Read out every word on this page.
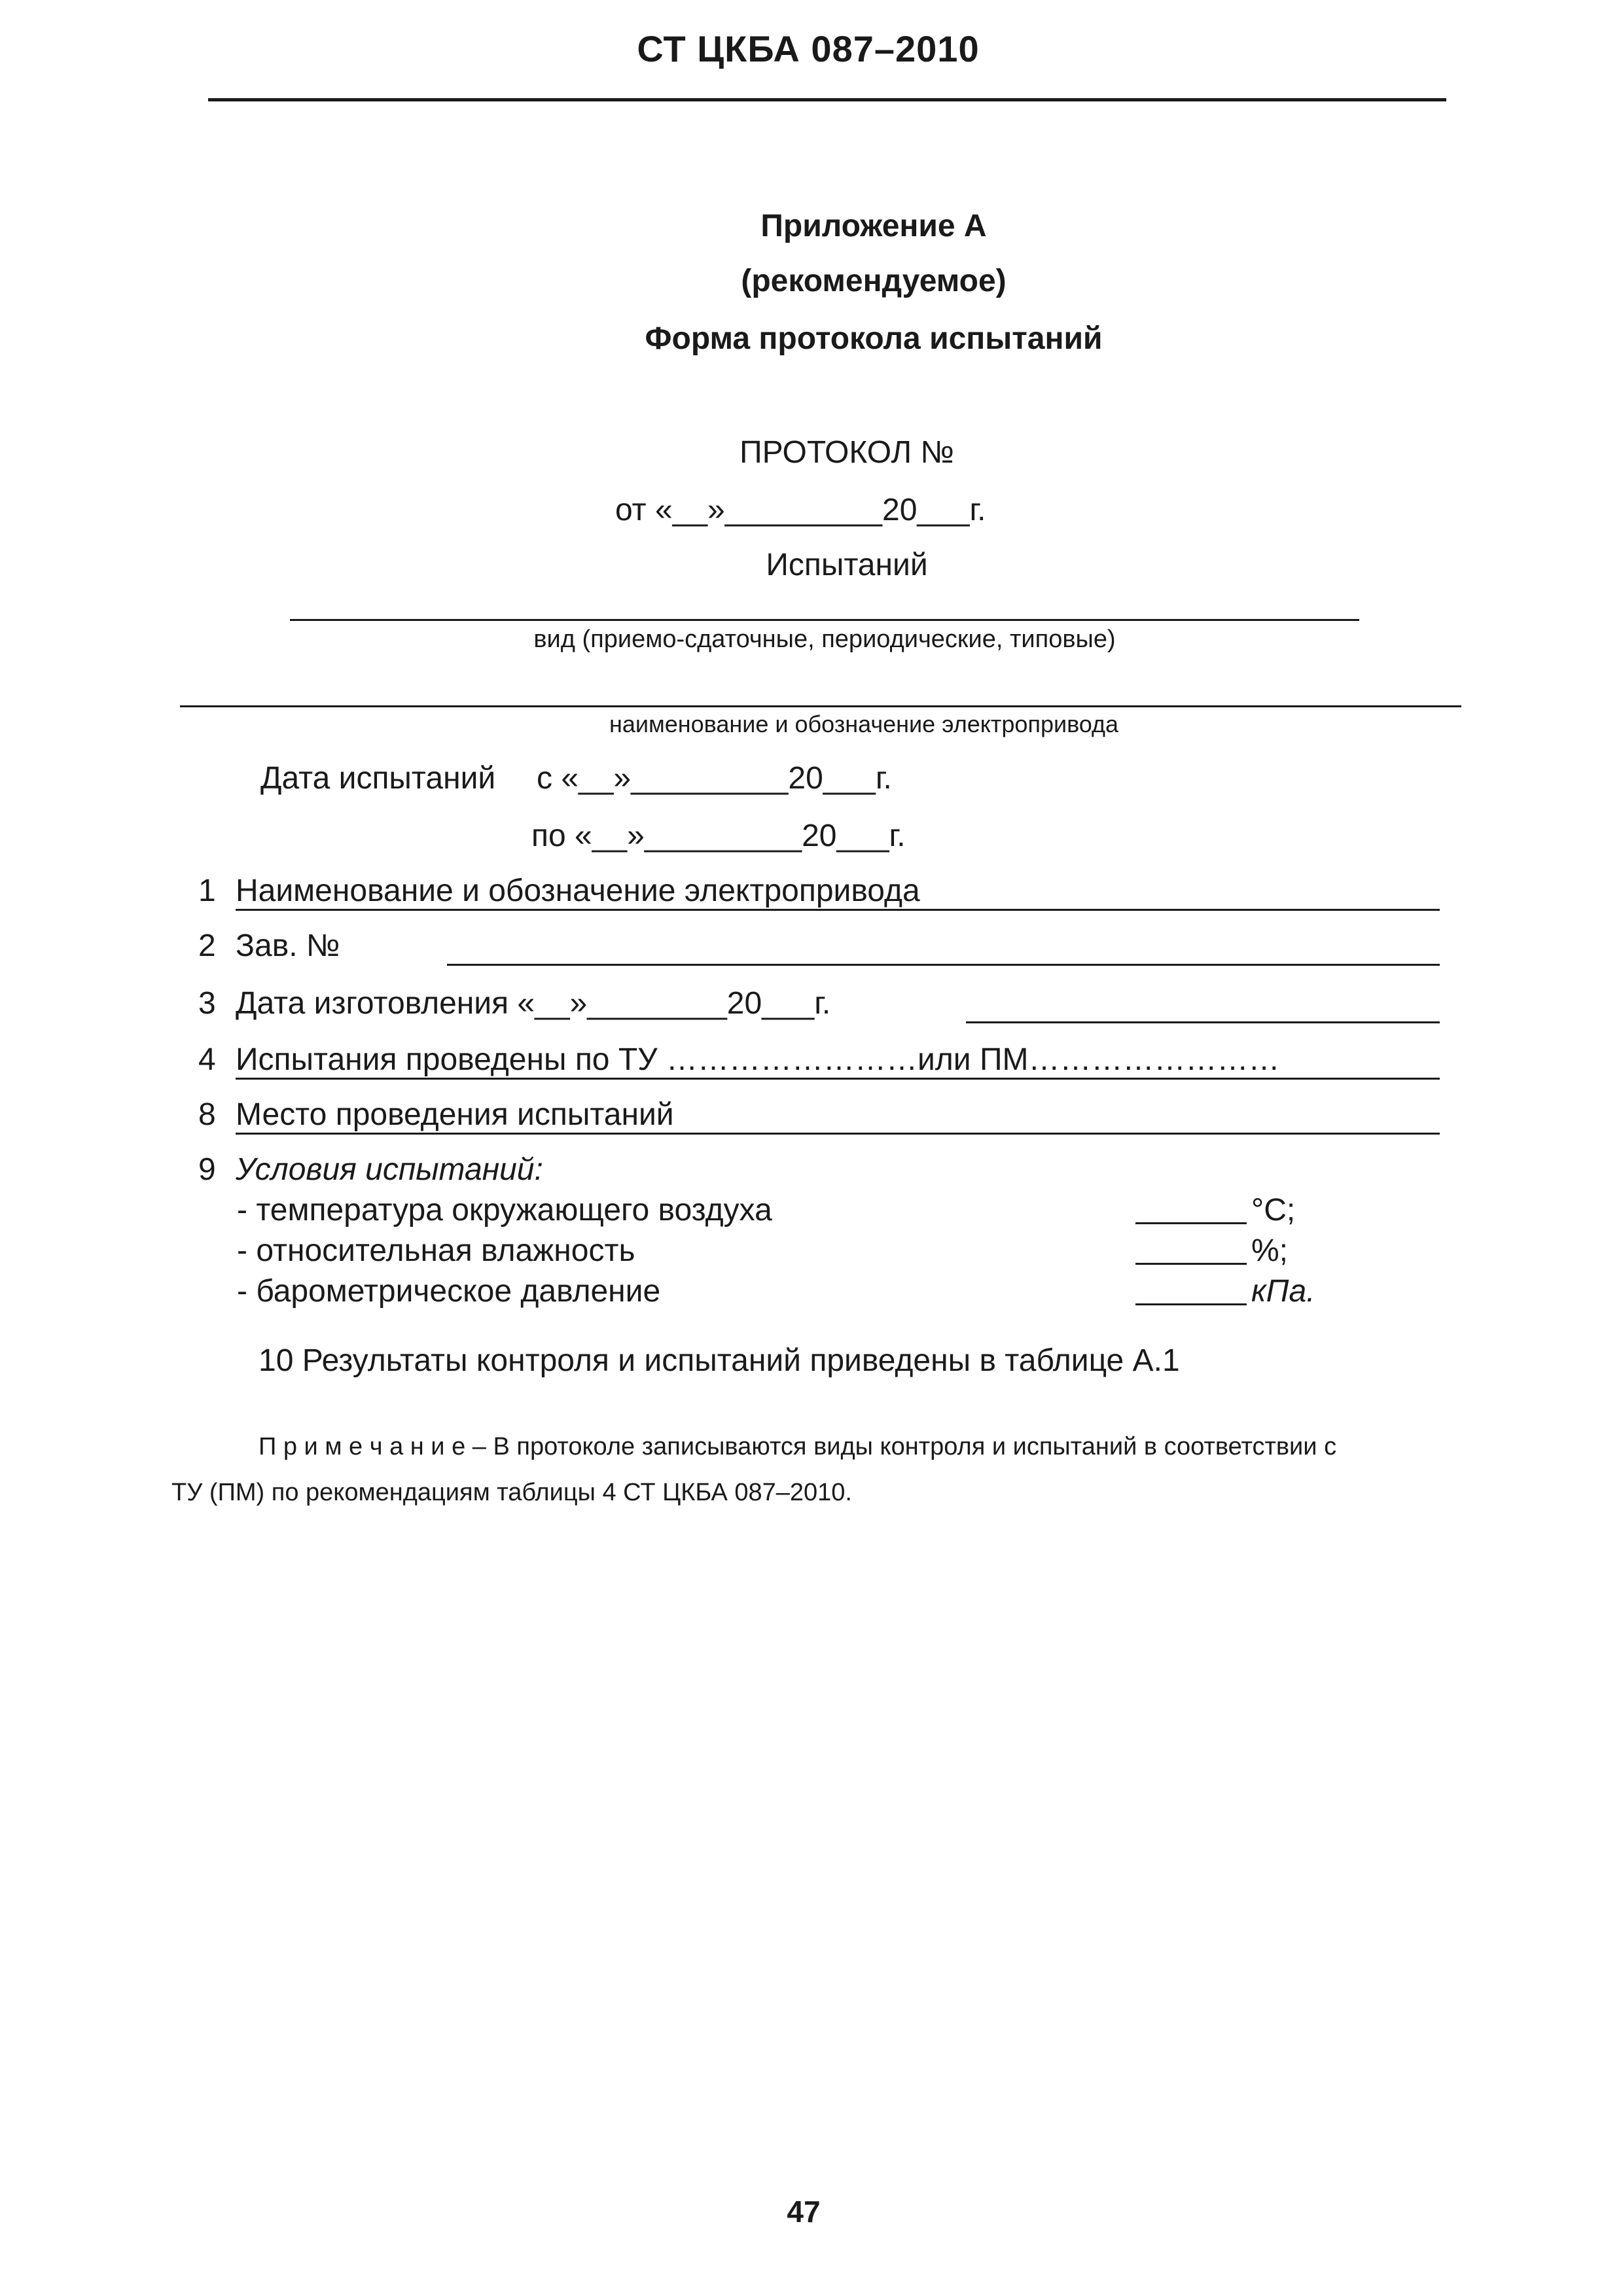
СТ ЦКБА 087–2010
Приложение А
(рекомендуемое)
Форма протокола испытаний
ПРОТОКОЛ №
от «__»_________20___г.
Испытаний
вид (приемо-сдаточные, периодические, типовые)
наименование и обозначение электропривода
Дата испытаний с «__»_________20___г.
по «__»_________20___г.
1 Наименование и обозначение электропривода
2 Зав. №
3 Дата изготовления «__»________20___г.
4 Испытания проведены по ТУ ……………………или ПМ……………………
8 Место проведения испытаний
9 Условия испытаний:
- температура окружающего воздуха	°C;
- относительная влажность	%;
- барометрическое давление	кПа.
10 Результаты контроля и испытаний приведены в таблице А.1
П р и м е ч а н и е – В протоколе записываются виды контроля и испытаний в соответствии с
ТУ (ПМ) по рекомендациям таблицы 4 СТ ЦКБА 087–2010.
47
